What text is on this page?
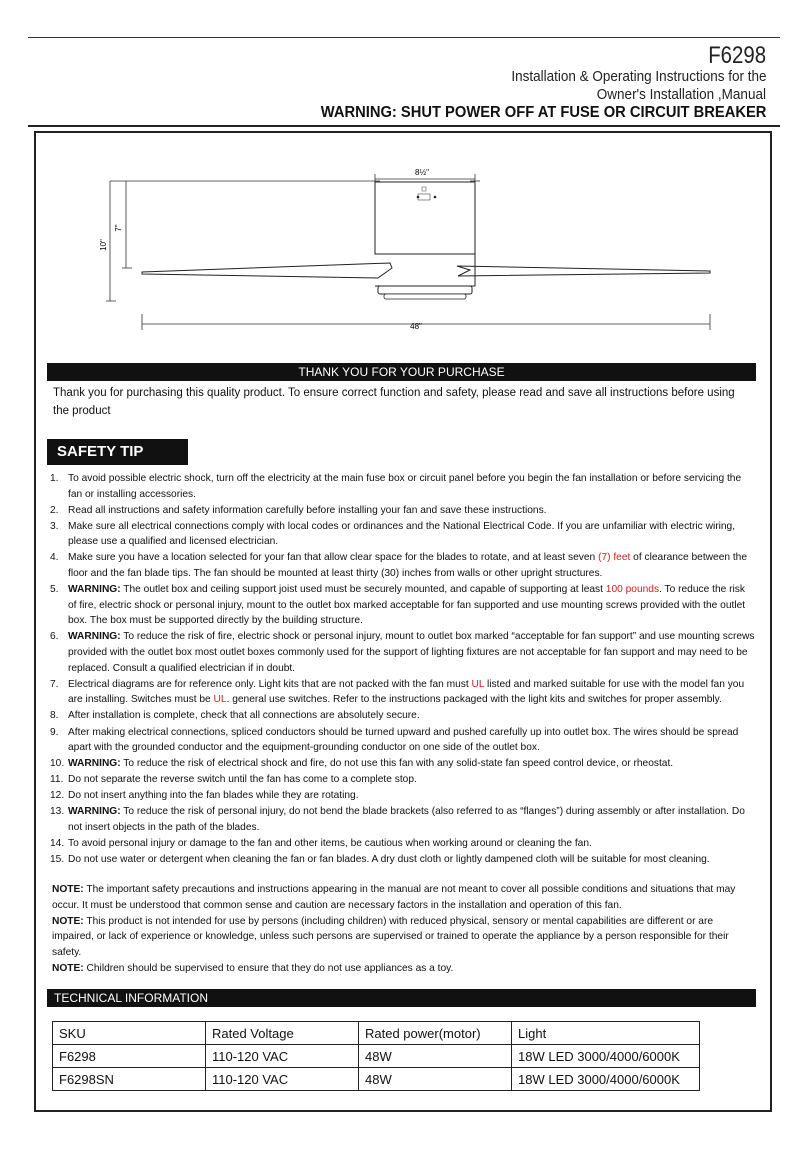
F6298
Installation & Operating Instructions for the
Owner's Installation ,Manual
WARNING: SHUT POWER OFF AT FUSE OR CIRCUIT BREAKER
8½"
10"
7"
48"
THANK YOU FOR YOUR PURCHASE
Thank you for purchasing this quality product. To ensure correct function and safety, please read and save all instructions before using the product
SAFETY TIP
1. To avoid possible electric shock, turn off the electricity at the main fuse box or circuit panel before you begin the fan installation or before servicing the fan or installing accessories.
2. Read all instructions and safety information carefully before installing your fan and save these instructions.
3. Make sure all electrical connections comply with local codes or ordinances and the National Electrical Code. If you are unfamiliar with electric wiring, please use a qualified and licensed electrician.
4. Make sure you have a location selected for your fan that allow clear space for the blades to rotate, and at least seven (7) feet of clearance between the floor and the fan blade tips. The fan should be mounted at least thirty (30) inches from walls or other upright structures.
5. WARNING: The outlet box and ceiling support joist used must be securely mounted, and capable of supporting at least 100 pounds. To reduce the risk of fire, electric shock or personal injury, mount to the outlet box marked acceptable for fan supported and use mounting screws provided with the outlet box. The box must be supported directly by the building structure.
6. WARNING: To reduce the risk of fire, electric shock or personal injury, mount to outlet box marked “acceptable for fan support” and use mounting screws provided with the outlet box most outlet boxes commonly used for the support of lighting fixtures are not acceptable for fan support and may need to be replaced. Consult a qualified electrician if in doubt.
7. Electrical diagrams are for reference only. Light kits that are not packed with the fan must UL listed and marked suitable for use with the model fan you are installing. Switches must be UL. general use switches. Refer to the instructions packaged with the light kits and switches for proper assembly.
8. After installation is complete, check that all connections are absolutely secure.
9. After making electrical connections, spliced conductors should be turned upward and pushed carefully up into outlet box. The wires should be spread apart with the grounded conductor and the equipment-grounding conductor on one side of the outlet box.
10. WARNING: To reduce the risk of electrical shock and fire, do not use this fan with any solid-state fan speed control device, or rheostat.
11. Do not separate the reverse switch until the fan has come to a complete stop.
12. Do not insert anything into the fan blades while they are rotating.
13. WARNING: To reduce the risk of personal injury, do not bend the blade brackets (also referred to as “flanges”) during assembly or after installation. Do not insert objects in the path of the blades.
14. To avoid personal injury or damage to the fan and other items, be cautious when working around or cleaning the fan.
15. Do not use water or detergent when cleaning the fan or fan blades. A dry dust cloth or lightly dampened cloth will be suitable for most cleaning.

NOTE: The important safety precautions and instructions appearing in the manual are not meant to cover all possible conditions and situations that may occur. It must be understood that common sense and caution are necessary factors in the installation and operation of this fan.

NOTE: This product is not intended for use by persons (including children) with reduced physical, sensory or mental capabilities are different or are impaired, or lack of experience or knowledge, unless such persons are supervised or trained to operate the appliance by a person responsible for their safety.

NOTE: Children should be supervised to ensure that they do not use appliances as a toy.

TECHNICAL INFORMATION
SKU	Rated Voltage	Rated power(motor)	Light
F6298	110-120 VAC	48W	18W LED 3000/4000/6000K
F6298SN	110-120 VAC	48W	18W LED 3000/4000/6000K
